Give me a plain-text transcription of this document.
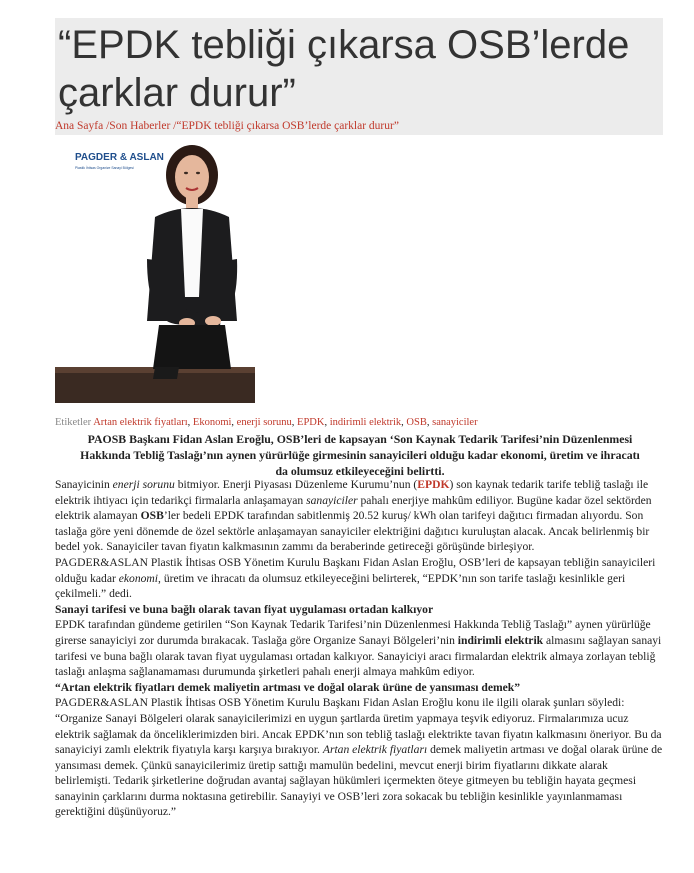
“EPDK tebliği çıkarsa OSB’lerde
çarklar durur”
Ana Sayfa /Son Haberler /“EPDK tebliği çıkarsa OSB’lerde çarklar durur”
PAGDER & ASLAN
Plastik İhtisas Organize Sanayi Bölgesi
Etiketler Artan elektrik fiyatları, Ekonomi, enerji sorunu, EPDK, indirimli elektrik, OSB, sanayiciler
PAOSB Başkanı Fidan Aslan Eroğlu, OSB’leri de kapsayan ‘Son Kaynak Tedarik Tarifesi’nin Düzenlenmesi Hakkında Tebliğ Taslağı’nın aynen yürürlüğe girmesinin sanayicileri olduğu kadar ekonomi, üretim ve ihracatı da olumsuz etkileyeceğini belirtti.

Sanayicinin enerji sorunu bitmiyor. Enerji Piyasası Düzenleme Kurumu’nun (EPDK) son kaynak tedarik tarife tebliğ taslağı ile elektrik ihtiyacı için tedarikçi firmalarla anlaşamayan sanayiciler pahalı enerjiye mahkûm ediliyor. Bugüne kadar özel sektörden elektrik alamayan OSB’ler bedeli EPDK tarafından sabitlenmiş 20.52 kuruş/ kWh olan tarifeyi dağıtıcı firmadan alıyordu. Son taslağa göre yeni dönemde de özel sektörle anlaşamayan sanayiciler elektriğini dağıtıcı kuruluştan alacak. Ancak belirlenmiş bir bedel yok. Sanayiciler tavan fiyatın kalkmasının zammı da beraberinde getireceği görüşünde birleşiyor.

PAGDER&ASLAN Plastik İhtisas OSB Yönetim Kurulu Başkanı Fidan Aslan Eroğlu, OSB’leri de kapsayan tebliğin sanayicileri olduğu kadar ekonomi, üretim ve ihracatı da olumsuz etkileyeceğini belirterek, “EPDK’nın son tarife taslağı kesinlikle geri çekilmeli.” dedi.

Sanayi tarifesi ve buna bağlı olarak tavan fiyat uygulaması ortadan kalkıyor

EPDK tarafından gündeme getirilen “Son Kaynak Tedarik Tarifesi’nin Düzenlenmesi Hakkında Tebliğ Taslağı” aynen yürürlüğe girerse sanayiciyi zor durumda bırakacak. Taslağa göre Organize Sanayi Bölgeleri’nin indirimli elektrik almasını sağlayan sanayi tarifesi ve buna bağlı olarak tavan fiyat uygulaması ortadan kalkıyor. Sanayiciyi aracı firmalardan elektrik almaya zorlayan tebliğ taslağı anlaşma sağlanamaması durumunda şirketleri pahalı enerji almaya mahkûm ediyor.

“Artan elektrik fiyatları demek maliyetin artması ve doğal olarak ürüne de yansıması demek”

PAGDER&ASLAN Plastik İhtisas OSB Yönetim Kurulu Başkanı Fidan Aslan Eroğlu konu ile ilgili olarak şunları söyledi: “Organize Sanayi Bölgeleri olarak sanayicilerimizi en uygun şartlarda üretim yapmaya teşvik ediyoruz. Firmalarımıza ucuz elektrik sağlamak da önceliklerimizden biri. Ancak EPDK’nın son tebliğ taslağı elektrikte tavan fiyatın kalkmasını öneriyor. Bu da sanayiciyi zamlı elektrik fiyatıyla karşı karşıya bırakıyor. Artan elektrik fiyatları demek maliyetin artması ve doğal olarak ürüne de yansıması demek. Çünkü sanayicilerimiz üretip sattığı mamulün bedelini, mevcut enerji birim fiyatlarını dikkate alarak belirlemişti. Tedarik şirketlerine doğrudan avantaj sağlayan hükümleri içermekten öteye gitmeyen bu tebliğin hayata geçmesi sanayinin çarklarını durma noktasına getirebilir. Sanayiyi ve OSB’leri zora sokacak bu tebliğin kesinlikle yayınlanmaması gerektiğini düşünüyoruz.”
